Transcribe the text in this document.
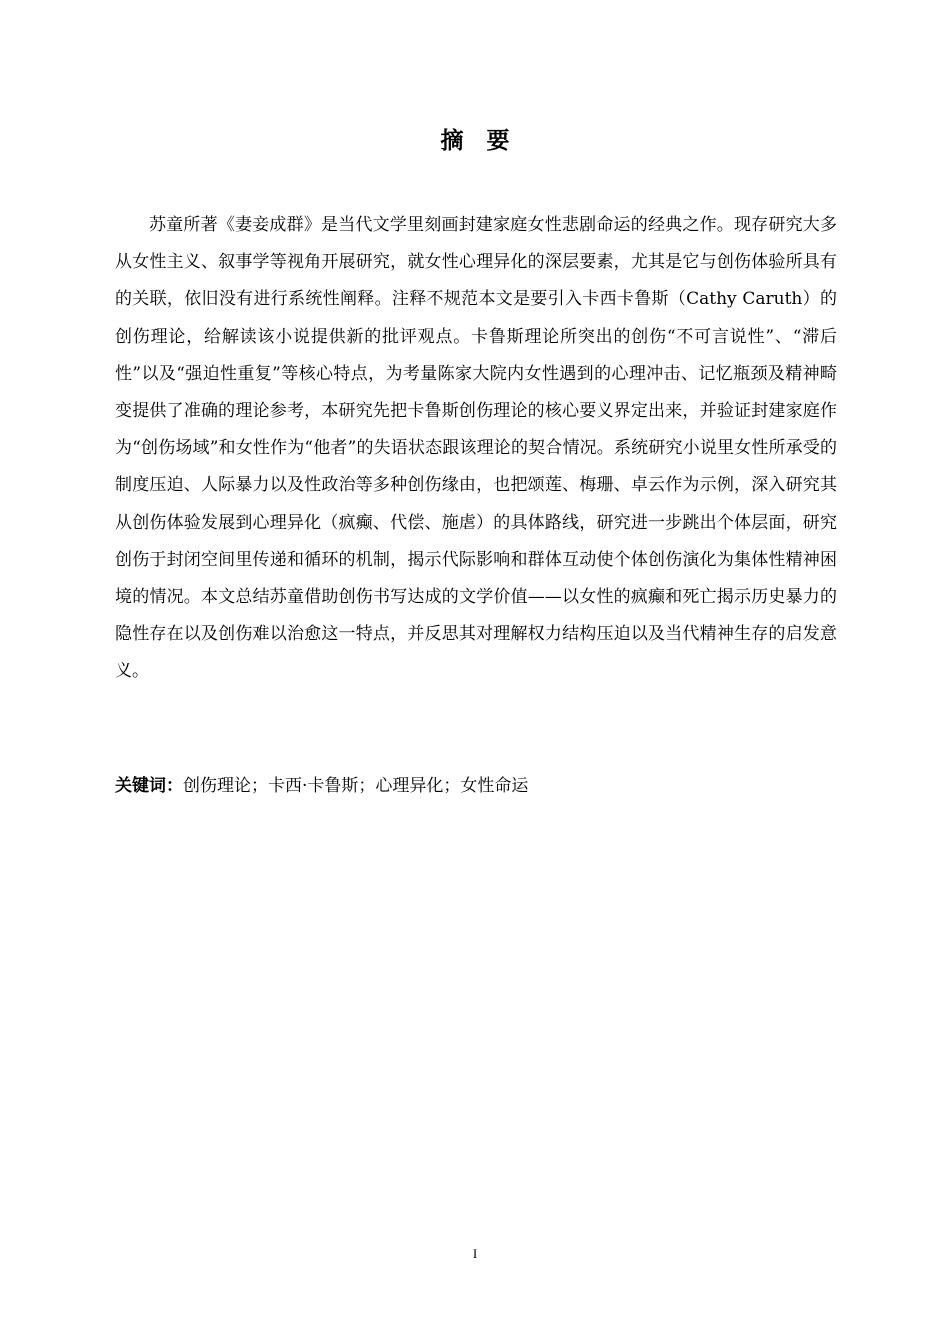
摘　要

苏童所著《妻妾成群》是当代文学里刻画封建家庭女性悲剧命运的经典之作。现存研究大多从女性主义、叙事学等视角开展研究，就女性心理异化的深层要素，尤其是它与创伤体验所具有的关联，依旧没有进行系统性阐释。注释不规范本文是要引入卡西卡鲁斯（Cathy Caruth）的创伤理论，给解读该小说提供新的批评观点。卡鲁斯理论所突出的创伤“不可言说性”、“滞后性”以及“强迫性重复”等核心特点，为考量陈家大院内女性遇到的心理冲击、记忆瓶颈及精神畸变提供了准确的理论参考，本研究先把卡鲁斯创伤理论的核心要义界定出来，并验证封建家庭作为“创伤场域”和女性作为“他者”的失语状态跟该理论的契合情况。系统研究小说里女性所承受的制度压迫、人际暴力以及性政治等多种创伤缘由，也把颂莲、梅珊、卓云作为示例，深入研究其从创伤体验发展到心理异化（疯癫、代偿、施虐）的具体路线，研究进一步跳出个体层面，研究创伤于封闭空间里传递和循环的机制，揭示代际影响和群体互动使个体创伤演化为集体性精神困境的情况。本文总结苏童借助创伤书写达成的文学价值——以女性的疯癫和死亡揭示历史暴力的隐性存在以及创伤难以治愈这一特点，并反思其对理解权力结构压迫以及当代精神生存的启发意义。

关键词：创伤理论；卡西·卡鲁斯；心理异化；女性命运
I
